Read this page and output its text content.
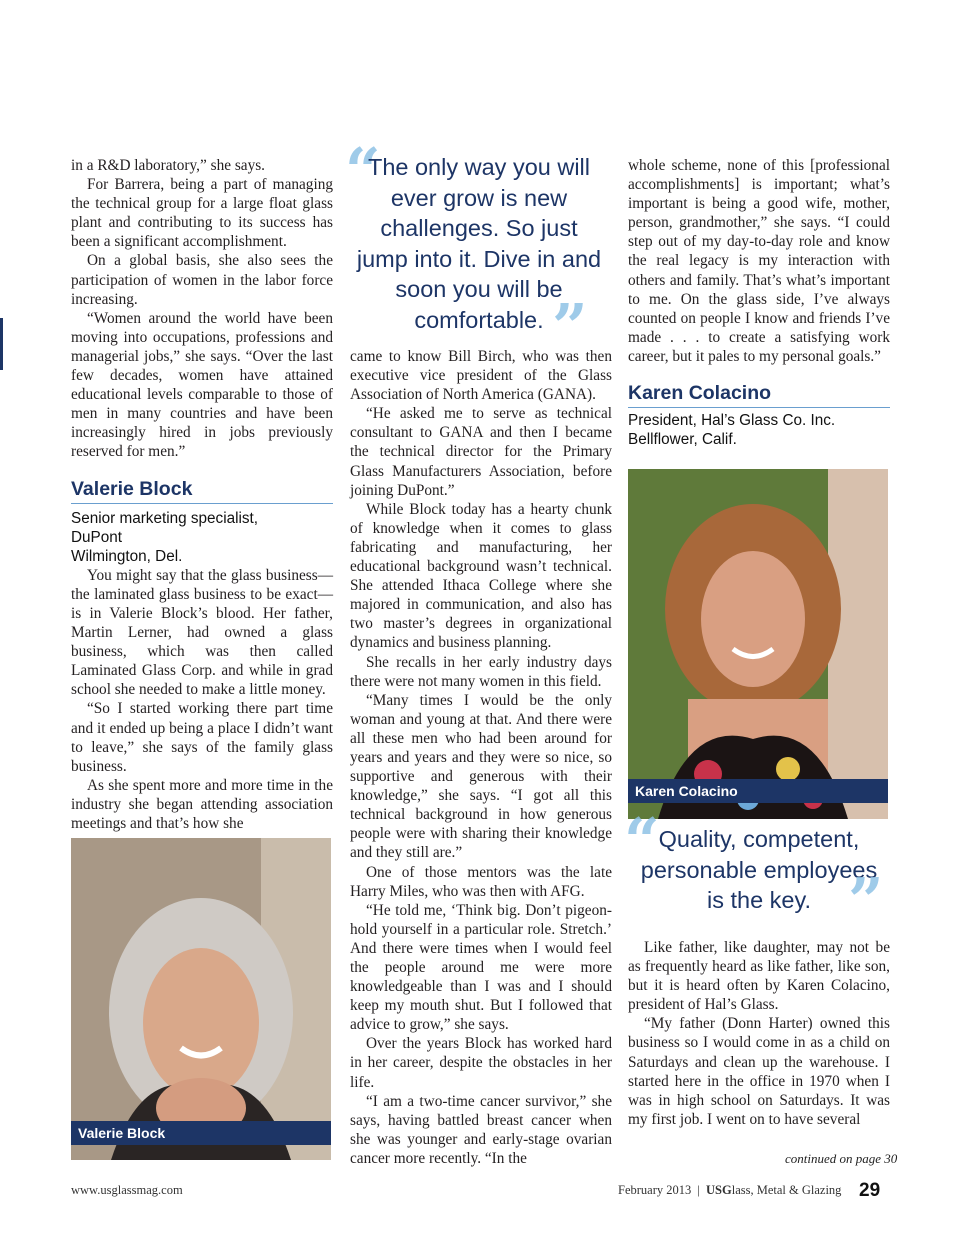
in a R&D laboratory,” she says.

For Barrera, being a part of managing the technical group for a large float glass plant and contributing to its success has been a significant accomplishment.

On a global basis, she also sees the participation of women in the labor force increasing.

“Women around the world have been moving into occupations, professions and managerial jobs,” she says. “Over the last few decades, women have attained educational levels comparable to those of men in many countries and have been increasingly hired in jobs previously reserved for men.”

Valerie Block

Senior marketing specialist,

DuPont

Wilmington, Del.

You might say that the glass business—the laminated glass business to be exact—is in Valerie Block’s blood. Her father, Martin Lerner, had owned a glass business, which was then called Laminated Glass Corp. and while in grad school she needed to make a little money.

“So I started working there part time and it ended up being a place I didn’t want to leave,” she says of the family glass business.

As she spent more and more time in the industry she began attending association meetings and that’s how she

Valerie Block
“
The only way you will ever grow is new challenges. So just jump into it. Dive in and soon you will be comfortable. ”

came to know Bill Birch, who was then executive vice president of the Glass Association of North America (GANA).

“He asked me to serve as technical consultant to GANA and then I became the technical director for the Primary Glass Manufacturers Association, before joining DuPont.”

While Block today has a hearty chunk of knowledge when it comes to glass fabricating and manufacturing, her educational background wasn’t technical. She attended Ithaca College where she majored in communication, and also has two master’s degrees in organizational dynamics and business planning.

She recalls in her early industry days there were not many women in this field.

“Many times I would be the only woman and young at that. And there were all these men who had been around for years and years and they were so nice, so supportive and generous with their knowledge,” she says. “I got all this technical background in how generous people were with sharing their knowledge and they still are.”

One of those mentors was the late Harry Miles, who was then with AFG.

“He told me, ‘Think big. Don’t pigeon-hold yourself in a particular role. Stretch.’ And there were times when I would feel the people around me were more knowledgeable than I was and I should keep my mouth shut. But I followed that advice to grow,” she says.

Over the years Block has worked hard in her career, despite the obstacles in her life.

“I am a two-time cancer survivor,” she says, having battled breast cancer when she was younger and early-stage ovarian cancer more recently. “In the

whole scheme, none of this [professional accomplishments] is important; what’s important is being a good wife, mother, person, grandmother,” she says. “I could step out of my day-to-day role and know the real legacy is my interaction with others and family. That’s what’s important to me. On the glass side, I’ve always counted on people I know and friends I’ve made . . . to create a satisfying work career, but it pales to my personal goals.”

Karen Colacino

President, Hal’s Glass Co. Inc.

Bellflower, Calif.

Karen Colacino
“
Quality, competent, personable employees is the key. ”

Like father, like daughter, may not be as frequently heard as like father, like son, but it is heard often by Karen Colacino, president of Hal’s Glass.

“My father (Donn Harter) owned this business so I would come in as a child on Saturdays and clean up the warehouse. I started here in the office in 1970 when I was in high school on Saturdays. It was my first job. I went on to have several

continued on page 30
www.usglassmag.com	February 2013 | USGlass, Metal & Glazing 29
